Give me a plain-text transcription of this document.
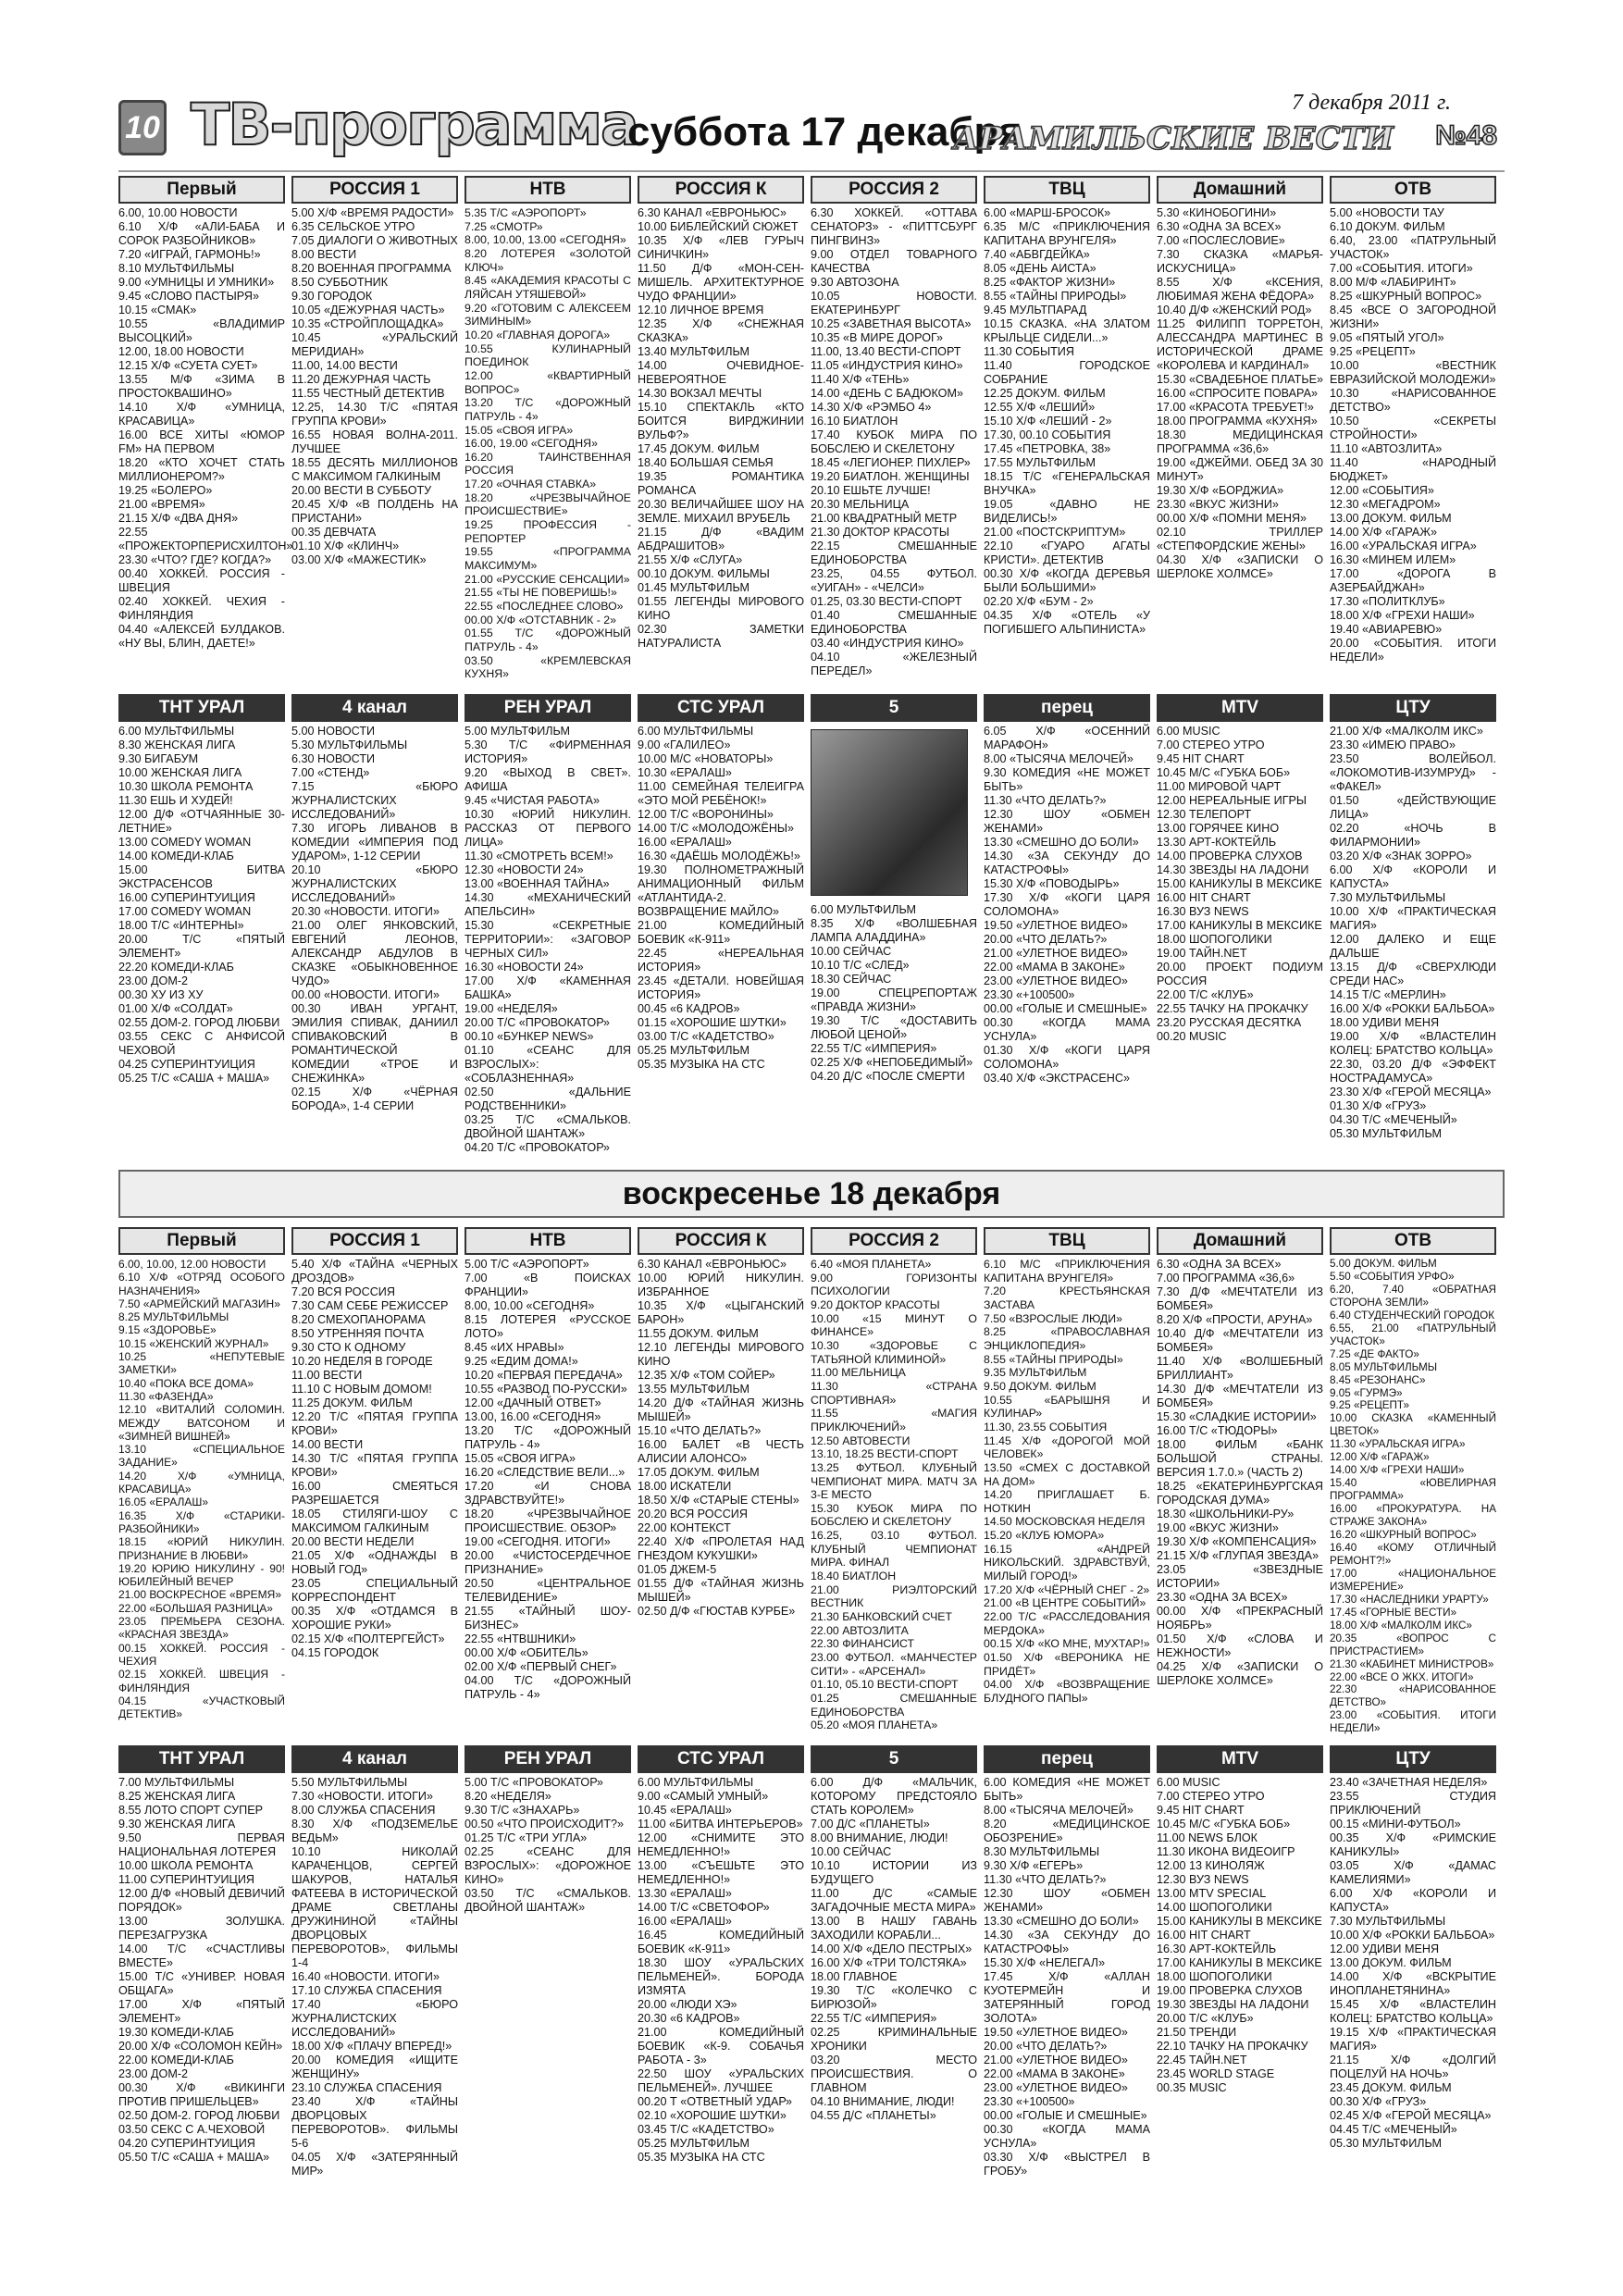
10 ТВ-программа
суббота 17 декабря
7 декабря 2011 г.
АРАМИЛЬСКИЕ ВЕСТИ №48
Первый
6.00, 10.00 НОВОСТИ
6.10 Х/Ф «АЛИ-БАБА И СОРОК РАЗБОЙНИКОВ»
7.20 «ИГРАЙ, ГАРМОНЬ!»
8.10 МУЛЬТФИЛЬМЫ
9.00 «УМНИЦЫ И УМНИКИ»
9.45 «СЛОВО ПАСТЫРЯ»
10.15 «СМАК»
10.55 «ВЛАДИМИР ВЫСОЦКИЙ»
12.00, 18.00 НОВОСТИ
12.15 Х/Ф «СУЕТА СУЕТ»
13.55 М/Ф «ЗИМА В ПРОСТОКВАШИНО»
14.10 Х/Ф «УМНИЦА, КРАСАВИЦА»
16.00 ВСЕ ХИТЫ «ЮМОР FM» НА ПЕРВОМ
18.20 «КТО ХОЧЕТ СТАТЬ МИЛЛИОНЕРОМ?»
19.25 «БОЛЕРО»
21.00 «ВРЕМЯ»
21.15 Х/Ф «ДВА ДНЯ»
22.55 «ПРОЖЕКТОРПЕРИСХИЛТОН»
23.30 «ЧТО? ГДЕ? КОГДА?»
00.40 ХОККЕЙ. РОССИЯ - ШВЕЦИЯ
02.40 ХОККЕЙ. ЧЕХИЯ - ФИНЛЯНДИЯ
04.40 «АЛЕКСЕЙ БУЛДАКОВ. «НУ ВЫ, БЛИН, ДАЕТЕ!»
РОССИЯ 1
5.00 Х/Ф «ВРЕМЯ РАДОСТИ»
6.35 СЕЛЬСКОЕ УТРО
7.05 ДИАЛОГИ О ЖИВОТНЫХ
8.00 ВЕСТИ
8.20 ВОЕННАЯ ПРОГРАММА
8.50 СУББОТНИК
9.30 ГОРОДОК
10.05 «ДЕЖУРНАЯ ЧАСТЬ»
10.35 «СТРОЙПЛОЩАДКА»
10.45 «УРАЛЬСКИЙ МЕРИДИАН»
11.00, 14.00 ВЕСТИ
11.20 ДЕЖУРНАЯ ЧАСТЬ
11.55 ЧЕСТНЫЙ ДЕТЕКТИВ
12.25, 14.30 Т/С «ПЯТАЯ ГРУППА КРОВИ»
16.55 НОВАЯ ВОЛНА-2011. ЛУЧШЕЕ
18.55 ДЕСЯТЬ МИЛЛИОНОВ С МАКСИМОМ ГАЛКИНЫМ
20.00 ВЕСТИ В СУББОТУ
20.45 Х/Ф «В ПОЛДЕНЬ НА ПРИСТАНИ»
00.35 ДЕВЧАТА
01.10 Х/Ф «КЛИНЧ»
03.00 Х/Ф «МАЖЕСТИК»
НТВ
5.35 Т/С «АЭРОПОРТ»
7.25 «СМОТР»
8.00, 10.00, 13.00 «СЕГОДНЯ»
8.20 ЛОТЕРЕЯ «ЗОЛОТОЙ КЛЮЧ»
8.45 «АКАДЕМИЯ КРАСОТЫ С ЛЯЙСАН УТЯШЕВОЙ»
9.20 «ГОТОВИМ С АЛЕКСЕЕМ ЗИМИНЫМ»
10.20 «ГЛАВНАЯ ДОРОГА»
10.55 КУЛИНАРНЫЙ ПОЕДИНОК
12.00 «КВАРТИРНЫЙ ВОПРОС»
13.20 Т/С «ДОРОЖНЫЙ ПАТРУЛЬ - 4»
15.05 «СВОЯ ИГРА»
16.00, 19.00 «СЕГОДНЯ»
16.20 ТАИНСТВЕННАЯ РОССИЯ
17.20 «ОЧНАЯ СТАВКА»
18.20 «ЧРЕЗВЫЧАЙНОЕ ПРОИСШЕСТВИЕ»
19.25 ПРОФЕССИЯ - РЕПОРТЕР
19.55 «ПРОГРАММА МАКСИМУМ»
21.00 «РУССКИЕ СЕНСАЦИИ»
21.55 «ТЫ НЕ ПОВЕРИШЬ!»
22.55 «ПОСЛЕДНЕЕ СЛОВО»
00.00 Х/Ф «ОТСТАВНИК - 2»
01.55 Т/С «ДОРОЖНЫЙ ПАТРУЛЬ - 4»
03.50 «КРЕМЛЕВСКАЯ КУХНЯ»
РОССИЯ К
6.30 КАНАЛ «ЕВРОНЬЮС»
10.00 БИБЛЕЙСКИЙ СЮЖЕТ
10.35 Х/Ф «ЛЕВ ГУРЫЧ СИНИЧКИН»
11.50 Д/Ф «МОН-СЕН-МИШЕЛЬ. АРХИТЕКТУРНОЕ ЧУДО ФРАНЦИИ»
12.10 ЛИЧНОЕ ВРЕМЯ
12.35 Х/Ф «СНЕЖНАЯ СКАЗКА»
13.40 МУЛЬТФИЛЬМ
14.00 ОЧЕВИДНОЕ-НЕВЕРОЯТНОЕ
14.30 ВОКЗАЛ МЕЧТЫ
15.10 СПЕКТАКЛЬ «КТО БОИТСЯ ВИРДЖИНИИ ВУЛЬФ?»
17.45 ДОКУМ. ФИЛЬМ
18.40 БОЛЬШАЯ СЕМЬЯ
19.35 РОМАНТИКА РОМАНСА
20.30 ВЕЛИЧАЙШЕЕ ШОУ НА ЗЕМЛЕ. МИХАИЛ ВРУБЕЛЬ
21.15 Д/Ф «ВАДИМ АБДРАШИТОВ»
21.55 Х/Ф «СЛУГА»
00.10 ДОКУМ. ФИЛЬМЫ
01.45 МУЛЬТФИЛЬМ
01.55 ЛЕГЕНДЫ МИРОВОГО КИНО
02.30 ЗАМЕТКИ НАТУРАЛИСТА
РОССИЯ 2
6.30 ХОККЕЙ. «ОТТАВА СЕНАТОРЗ» - «ПИТТСБУРГ ПИНГВИНЗ»
9.00 ОТДЕЛ ТОВАРНОГО КАЧЕСТВА
9.30 АВТОЗОНА
10.05 НОВОСТИ. ЕКАТЕРИНБУРГ
10.25 «ЗАВЕТНАЯ ВЫСОТА»
10.35 «В МИРЕ ДОРОГ»
11.00, 13.40 ВЕСТИ-СПОРТ
11.05 «ИНДУСТРИЯ КИНО»
11.40 Х/Ф «ТЕНЬ»
14.00 «ДЕНЬ С БАДЮКОМ»
14.30 Х/Ф «РЭМБО 4»
16.10 БИАТЛОН
17.40 КУБОК МИРА ПО БОБСЛЕЮ И СКЕЛЕТОНУ
18.45 «ЛЕГИОНЕР. ПИХЛЕР»
19.20 БИАТЛОН. ЖЕНЩИНЫ
20.10 ЕШЬТЕ ЛУЧШЕ!
20.30 МЕЛЬНИЦА
21.00 КВАДРАТНЫЙ МЕТР
21.30 ДОКТОР КРАСОТЫ
22.15 СМЕШАННЫЕ ЕДИНОБОРСТВА
23.25, 04.55 ФУТБОЛ. «УИГАН» - «ЧЕЛСИ»
01.25, 03.30 ВЕСТИ-СПОРТ
01.40 СМЕШАННЫЕ ЕДИНОБОРСТВА
03.40 «ИНДУСТРИЯ КИНО»
04.10 «ЖЕЛЕЗНЫЙ ПЕРЕДЕЛ»
ТВЦ
6.00 «МАРШ-БРОСОК»
6.35 М/С «ПРИКЛЮЧЕНИЯ КАПИТАНА ВРУНГЕЛЯ»
7.40 «АБВГДЕЙКА»
8.05 «ДЕНЬ АИСТА»
8.25 «ФАКТОР ЖИЗНИ»
8.55 «ТАЙНЫ ПРИРОДЫ»
9.45 МУЛЬТПАРАД
10.15 СКАЗКА. «НА ЗЛАТОМ КРЫЛЬЦЕ СИДЕЛИ...»
11.30 СОБЫТИЯ
11.40 ГОРОДСКОЕ СОБРАНИЕ
12.25 ДОКУМ. ФИЛЬМ
12.55 Х/Ф «ЛЕШИЙ»
15.10 Х/Ф «ЛЕШИЙ - 2»
17.30, 00.10 СОБЫТИЯ
17.45 «ПЕТРОВКА, 38»
17.55 МУЛЬТФИЛЬМ
18.15 Т/С «ГЕНЕРАЛЬСКАЯ ВНУЧКА»
19.05 «ДАВНО НЕ ВИДЕЛИСЬ!»
21.00 «ПОСТСКРИПТУМ»
22.10 «ГУАРО АГАТЫ КРИСТИ». ДЕТЕКТИВ
00.30 Х/Ф «КОГДА ДЕРЕВЬЯ БЫЛИ БОЛЬШИМИ»
02.20 Х/Ф «БУМ - 2»
04.35 Х/Ф «ОТЕЛЬ «У ПОГИБШЕГО АЛЬПИНИСТА»
Домашний
5.30 «КИНОБОГИНИ»
6.30 «ОДНА ЗА ВСЕХ»
7.00 «ПОСЛЕСЛОВИЕ»
7.30 СКАЗКА «МАРЬЯ-ИСКУСНИЦА»
8.55 Х/Ф «КСЕНИЯ, ЛЮБИМАЯ ЖЕНА ФЁДОРА»
10.40 Д/Ф «ЖЕНСКИЙ РОД»
11.25 ФИЛИПП ТОРРЕТОН, АЛЕССАНДРА МАРТИНЕС В ИСТОРИЧЕСКОЙ ДРАМЕ «КОРОЛЕВА И КАРДИНАЛ»
15.30 «СВАДЕБНОЕ ПЛАТЬЕ»
16.00 «СПРОСИТЕ ПОВАРА»
17.00 «КРАСОТА ТРЕБУЕТ!»
18.00 ПРОГРАММА «КУХНЯ»
18.30 МЕДИЦИНСКАЯ ПРОГРАММА «36,6»
19.00 «ДЖЕЙМИ. ОБЕД ЗА 30 МИНУТ»
19.30 Х/Ф «БОРДЖИА»
23.30 «ВКУС ЖИЗНИ»
00.00 Х/Ф «ПОМНИ МЕНЯ»
02.10 ТРИЛЛЕР «СТЕПФОРДСКИЕ ЖЕНЫ»
04.30 Х/Ф «ЗАПИСКИ О ШЕРЛОКЕ ХОЛМСЕ»
ОТВ
5.00 «НОВОСТИ ТАУ
6.10 ДОКУМ. ФИЛЬМ
6.40, 23.00 «ПАТРУЛЬНЫЙ УЧАСТОК»
7.00 «СОБЫТИЯ. ИТОГИ»
8.00 М/Ф «ЛАБИРИНТ»
8.25 «ШКУРНЫЙ ВОПРОС»
8.45 «ВСЕ О ЗАГОРОДНОЙ ЖИЗНИ»
9.05 «ПЯТЫЙ УГОЛ»
9.25 «РЕЦЕПТ»
10.00 «ВЕСТНИК ЕВРАЗИЙСКОЙ МОЛОДЕЖИ»
10.30 «НАРИСОВАННОЕ ДЕТСТВО»
10.50 «СЕКРЕТЫ СТРОЙНОСТИ»
11.10 «АВТОЗЛИТА»
11.40 «НАРОДНЫЙ БЮДЖЕТ»
12.00 «СОБЫТИЯ»
12.30 «МЕГАДРОМ»
13.00 ДОКУМ. ФИЛЬМ
14.00 Х/Ф «ГАРАЖ»
16.00 «УРАЛЬСКАЯ ИГРА»
16.30 «МИНЕМ ИЛЕМ»
17.00 «ДОРОГА В АЗЕРБАЙДЖАН»
17.30 «ПОЛИТКЛУБ»
18.00 Х/Ф «ГРЕХИ НАШИ»
19.40 «АВИАРЕВЮ»
20.00 «СОБЫТИЯ. ИТОГИ НЕДЕЛИ»
ТНТ УРАЛ
6.00 МУЛЬТФИЛЬМЫ
8.30 ЖЕНСКАЯ ЛИГА
9.30 БИГАБУМ
10.00 ЖЕНСКАЯ ЛИГА
10.30 ШКОЛА РЕМОНТА
11.30 ЕШЬ И ХУДЕЙ!
12.00 Д/Ф «ОТЧАЯННЫЕ 30-ЛЕТНИЕ»
13.00 COMEDY WOMAN
14.00 КОМЕДИ-КЛАБ
15.00 БИТВА ЭКСТРАСЕНСОВ
16.00 СУПЕРИНТУИЦИЯ
17.00 COMEDY WOMAN
18.00 Т/С «ИНТЕРНЫ»
20.00 Т/С «ПЯТЫЙ ЭЛЕМЕНТ»
22.20 КОМЕДИ-КЛАБ
23.00 ДОМ-2
00.30 ХУ ИЗ ХУ
01.00 Х/Ф «СОЛДАТ»
02.55 ДОМ-2. ГОРОД ЛЮБВИ
03.55 СЕКС С АНФИСОЙ ЧЕХОВОЙ
04.25 СУПЕРИНТУИЦИЯ
05.25 Т/С «САША + МАША»
4 канал
5.00 НОВОСТИ
5.30 МУЛЬТФИЛЬМЫ
6.30 НОВОСТИ
7.00 «СТЕНД»
7.15 «БЮРО ЖУРНАЛИСТСКИХ ИССЛЕДОВАНИЙ»
7.30 ИГОРЬ ЛИВАНОВ В КОМЕДИИ «ИМПЕРИЯ ПОД УДАРОМ», 1-12 СЕРИИ
20.10 «БЮРО ЖУРНАЛИСТСКИХ ИССЛЕДОВАНИЙ»
20.30 «НОВОСТИ. ИТОГИ»
21.00 ОЛЕГ ЯНКОВСКИЙ, ЕВГЕНИЙ ЛЕОНОВ, АЛЕКСАНДР АБДУЛОВ В СКАЗКЕ «ОБЫКНОВЕННОЕ ЧУДО»
00.00 «НОВОСТИ. ИТОГИ»
00.30 ИВАН УРГАНТ, ЭМИЛИЯ СПИВАК, ДАНИИЛ СПИВАКОВСКИЙ В РОМАНТИЧЕСКОЙ КОМЕДИИ «ТРОЕ И СНЕЖИНКА»
02.15 Х/Ф «ЧЁРНАЯ БОРОДА», 1-4 СЕРИИ
РЕН УРАЛ
5.00 МУЛЬТФИЛЬМ
5.30 Т/С «ФИРМЕННАЯ ИСТОРИЯ»
9.20 «ВЫХОД В СВЕТ». АФИША
9.45 «ЧИСТАЯ РАБОТА»
10.30 «ЮРИЙ НИКУЛИН. РАССКАЗ ОТ ПЕРВОГО ЛИЦА»
11.30 «СМОТРЕТЬ ВСЕМ!»
12.30 «НОВОСТИ 24»
13.00 «ВОЕННАЯ ТАЙНА»
14.30 «МЕХАНИЧЕСКИЙ АПЕЛЬСИН»
15.30 «СЕКРЕТНЫЕ ТЕРРИТОРИИ»: «ЗАГОВОР ЧЕРНЫХ СИЛ»
16.30 «НОВОСТИ 24»
17.00 Х/Ф «КАМЕННАЯ БАШКА»
19.00 «НЕДЕЛЯ»
20.00 Т/С «ПРОВОКАТОР»
00.10 «БУНКЕР NEWS»
01.10 «СЕАНС ДЛЯ ВЗРОСЛЫХ»: «СОБЛАЗНЕННАЯ»
02.50 «ДАЛЬНИЕ РОДСТВЕННИКИ»
03.25 Т/С «СМАЛЬКОВ. ДВОЙНОЙ ШАНТАЖ»
04.20 Т/С «ПРОВОКАТОР»
СТС УРАЛ
6.00 МУЛЬТФИЛЬМЫ
9.00 «ГАЛИЛЕО»
10.00 М/С «НОВАТОРЫ»
10.30 «ЕРАЛАШ»
11.00 СЕМЕЙНАЯ ТЕЛЕИГРА «ЭТО МОЙ РЕБЁНОК!»
12.00 Т/С «ВОРОНИНЫ»
14.00 Т/С «МОЛОДОЖЁНЫ»
16.00 «ЕРАЛАШ»
16.30 «ДАЁШЬ МОЛОДЁЖЬ!»
19.30 ПОЛНОМЕТРАЖНЫЙ АНИМАЦИОННЫЙ ФИЛЬМ «АТЛАНТИДА-2. ВОЗВРАЩЕНИЕ МАЙЛО»
21.00 КОМЕДИЙНЫЙ БОЕВИК «К-911»
22.45 «НЕРЕАЛЬНАЯ ИСТОРИЯ»
23.45 «ДЕТАЛИ. НОВЕЙШАЯ ИСТОРИЯ»
00.45 «6 КАДРОВ»
01.15 «ХОРОШИЕ ШУТКИ»
03.00 Т/С «КАДЕТСТВО»
05.25 МУЛЬТФИЛЬМ
05.35 МУЗЫКА НА СТС
5
6.00 МУЛЬТФИЛЬМ
8.35 Х/Ф «ВОЛШЕБНАЯ ЛАМПА АЛАДДИНА»
10.00 СЕЙЧАС
10.10 Т/С «СЛЕД»
18.30 СЕЙЧАС
19.00 СПЕЦРЕПОРТАЖ «ПРАВДА ЖИЗНИ»
19.30 Т/С «ДОСТАВИТЬ ЛЮБОЙ ЦЕНОЙ»
22.55 Т/С «ИМПЕРИЯ»
02.25 Х/Ф «НЕПОБЕДИМЫЙ»
04.20 Д/С «ПОСЛЕ СМЕРТИ
перец
6.05 Х/Ф «ОСЕННИЙ МАРАФОН»
8.00 «ТЫСЯЧА МЕЛОЧЕЙ»
9.30 КОМЕДИЯ «НЕ МОЖЕТ БЫТЬ»
11.30 «ЧТО ДЕЛАТЬ?»
12.30 ШОУ «ОБМЕН ЖЕНАМИ»
13.30 «СМЕШНО ДО БОЛИ»
14.30 «ЗА СЕКУНДУ ДО КАТАСТРОФЫ»
15.30 Х/Ф «ПОВОДЫРЬ»
17.30 Х/Ф «КОГИ ЦАРЯ СОЛОМОНА»
19.50 «УЛЕТНОЕ ВИДЕО»
20.00 «ЧТО ДЕЛАТЬ?»
21.00 «УЛЕТНОЕ ВИДЕО»
22.00 «МАМА В ЗАКОНЕ»
23.00 «УЛЕТНОЕ ВИДЕО»
23.30 «+100500»
00.00 «ГОЛЫЕ И СМЕШНЫЕ»
00.30 «КОГДА МАМА УСНУЛА»
01.30 Х/Ф «КОГИ ЦАРЯ СОЛОМОНА»
03.40 Х/Ф «ЭКСТРАСЕНС»
MTV
6.00 MUSIC
7.00 СТЕРЕО УТРО
9.45 HIT CHART
10.45 М/С «ГУБКА БОБ»
11.00 МИРОВОЙ ЧАРТ
12.00 НЕРЕАЛЬНЫЕ ИГРЫ
12.30 ТЕЛЕПОРТ
13.00 ГОРЯЧЕЕ КИНО
13.30 АРТ-КОКТЕЙЛЬ
14.00 ПРОВЕРКА СЛУХОВ
14.30 ЗВЕЗДЫ НА ЛАДОНИ
15.00 КАНИКУЛЫ В МЕКСИКЕ
16.00 HIT CHART
16.30 ВУЗ NEWS
17.00 КАНИКУЛЫ В МЕКСИКЕ
18.00 ШОПОГОЛИКИ
19.00 ТАЙН.NET
20.00 ПРОЕКТ ПОДИУМ РОССИЯ
22.00 Т/С «КЛУБ»
22.55 ТАЧКУ НА ПРОКАЧКУ
23.20 РУССКАЯ ДЕСЯТКА
00.20 MUSIC
ЦТУ
21.00 Х/Ф «МАЛКОЛМ ИКС»
23.30 «ИМЕЮ ПРАВО»
23.50 ВОЛЕЙБОЛ. «ЛОКОМОТИВ-ИЗУМРУД» - «ФАКЕЛ»
01.50 «ДЕЙСТВУЮЩИЕ ЛИЦА»
02.20 «НОЧЬ В ФИЛАРМОНИИ»
03.20 Х/Ф «ЗНАК ЗОРРО»
6.00 Х/Ф «КОРОЛИ И КАПУСТА»
7.30 МУЛЬТФИЛЬМЫ
10.00 Х/Ф «ПРАКТИЧЕСКАЯ МАГИЯ»
12.00 ДАЛЕКО И ЕЩЕ ДАЛЬШЕ
13.15 Д/Ф «СВЕРХЛЮДИ СРЕДИ НАС»
14.15 Т/С «МЕРЛИН»
16.00 Х/Ф «РОККИ БАЛЬБОА»
18.00 УДИВИ МЕНЯ
19.00 Х/Ф «ВЛАСТЕЛИН КОЛЕЦ: БРАТСТВО КОЛЬЦА»
22.30, 03.20 Д/Ф «ЭФФЕКТ НОСТРАДАМУСА»
23.30 Х/Ф «ГЕРОЙ МЕСЯЦА»
01.30 Х/Ф «ГРУЗ»
04.30 Т/С «МЕЧЕНЫЙ»
05.30 МУЛЬТФИЛЬМ
воскресенье 18 декабря
Первый
6.00, 10.00, 12.00 НОВОСТИ
6.10 Х/Ф «ОТРЯД ОСОБОГО НАЗНАЧЕНИЯ»
7.50 «АРМЕЙСКИЙ МАГАЗИН»
8.25 МУЛЬТФИЛЬМЫ
9.15 «ЗДОРОВЬЕ»
10.15 «ЖЕНСКИЙ ЖУРНАЛ»
10.25 «НЕПУТЕВЫЕ ЗАМЕТКИ»
10.40 «ПОКА ВСЕ ДОМА»
11.30 «ФАЗЕНДА»
12.10 «ВИТАЛИЙ СОЛОМИН. МЕЖДУ ВАТСОНОМ И «ЗИМНЕЙ ВИШНЕЙ»
13.10 «СПЕЦИАЛЬНОЕ ЗАДАНИЕ»
14.20 Х/Ф «УМНИЦА, КРАСАВИЦА»
16.05 «ЕРАЛАШ»
16.35 Х/Ф «СТАРИКИ-РАЗБОЙНИКИ»
18.15 «ЮРИЙ НИКУЛИН. ПРИЗНАНИЕ В ЛЮБВИ»
19.20 ЮРИЮ НИКУЛИНУ - 90! ЮБИЛЕЙНЫЙ ВЕЧЕР
21.00 ВОСКРЕСНОЕ «ВРЕМЯ»
22.00 «БОЛЬШАЯ РАЗНИЦА»
23.05 ПРЕМЬЕРА СЕЗОНА. «КРАСНАЯ ЗВЕЗДА»
00.15 ХОККЕЙ. РОССИЯ - ЧЕХИЯ
02.15 ХОККЕЙ. ШВЕЦИЯ - ФИНЛЯНДИЯ
04.15 «УЧАСТКОВЫЙ ДЕТЕКТИВ»
РОССИЯ 1
5.40 Х/Ф «ТАЙНА «ЧЕРНЫХ ДРОЗДОВ»
7.20 ВСЯ РОССИЯ
7.30 САМ СЕБЕ РЕЖИССЕР
8.20 СМЕХОПАНОРАМА
8.50 УТРЕННЯЯ ПОЧТА
9.30 СТО К ОДНОМУ
10.20 НЕДЕЛЯ В ГОРОДЕ
11.00 ВЕСТИ
11.10 С НОВЫМ ДОМОМ!
11.25 ДОКУМ. ФИЛЬМ
12.20 Т/С «ПЯТАЯ ГРУППА КРОВИ»
14.00 ВЕСТИ
14.30 Т/С «ПЯТАЯ ГРУППА КРОВИ»
16.00 СМЕЯТЬСЯ РАЗРЕШАЕТСЯ
18.05 СТИЛЯГИ-ШОУ С МАКСИМОМ ГАЛКИНЫМ
20.00 ВЕСТИ НЕДЕЛИ
21.05 Х/Ф «ОДНАЖДЫ В НОВЫЙ ГОД»
23.05 СПЕЦИАЛЬНЫЙ КОРРЕСПОНДЕНТ
00.35 Х/Ф «ОТДАМСЯ В ХОРОШИЕ РУКИ»
02.15 Х/Ф «ПОЛТЕРГЕЙСТ»
04.15 ГОРОДОК
НТВ
5.00 Т/С «АЭРОПОРТ»
7.00 «В ПОИСКАХ ФРАНЦИИ»
8.00, 10.00 «СЕГОДНЯ»
8.15 ЛОТЕРЕЯ «РУССКОЕ ЛОТО»
8.45 «ИХ НРАВЫ»
9.25 «ЕДИМ ДОМА!»
10.20 «ПЕРВАЯ ПЕРЕДАЧА»
10.55 «РАЗВОД ПО-РУССКИ»
12.00 «ДАЧНЫЙ ОТВЕТ»
13.00, 16.00 «СЕГОДНЯ»
13.20 Т/С «ДОРОЖНЫЙ ПАТРУЛЬ - 4»
15.05 «СВОЯ ИГРА»
16.20 «СЛЕДСТВИЕ ВЕЛИ...»
17.20 «И СНОВА ЗДРАВСТВУЙТЕ!»
18.20 «ЧРЕЗВЫЧАЙНОЕ ПРОИСШЕСТВИЕ. ОБЗОР»
19.00 «СЕГОДНЯ. ИТОГИ»
20.00 «ЧИСТОСЕРДЕЧНОЕ ПРИЗНАНИЕ»
20.50 «ЦЕНТРАЛЬНОЕ ТЕЛЕВИДЕНИЕ»
21.55 «ТАЙНЫЙ ШОУ-БИЗНЕС»
22.55 «НТВШНИКИ»
00.00 Х/Ф «ОБИТЕЛЬ»
02.00 Х/Ф «ПЕРВЫЙ СНЕГ»
04.00 Т/С «ДОРОЖНЫЙ ПАТРУЛЬ - 4»
РОССИЯ К
6.30 КАНАЛ «ЕВРОНЬЮС»
10.00 ЮРИЙ НИКУЛИН. ИЗБРАННОЕ
10.35 Х/Ф «ЦЫГАНСКИЙ БАРОН»
11.55 ДОКУМ. ФИЛЬМ
12.10 ЛЕГЕНДЫ МИРОВОГО КИНО
12.35 Х/Ф «ТОМ СОЙЕР»
13.55 МУЛЬТФИЛЬМ
14.20 Д/Ф «ТАЙНАЯ ЖИЗНЬ МЫШЕЙ»
15.10 «ЧТО ДЕЛАТЬ?»
16.00 БАЛЕТ «В ЧЕСТЬ АЛИСИИ АЛОНСО»
17.05 ДОКУМ. ФИЛЬМ
18.00 ИСКАТЕЛИ
18.50 Х/Ф «СТАРЫЕ СТЕНЫ»
20.20 ВСЯ РОССИЯ
22.00 КОНТЕКСТ
22.40 Х/Ф «ПРОЛЕТАЯ НАД ГНЕЗДОМ КУКУШКИ»
01.05 ДЖЕМ-5
01.55 Д/Ф «ТАЙНАЯ ЖИЗНЬ МЫШЕЙ»
02.50 Д/Ф «ГЮСТАВ КУРБЕ»
РОССИЯ 2
6.40 «МОЯ ПЛАНЕТА»
9.00 ГОРИЗОНТЫ ПСИХОЛОГИИ
9.20 ДОКТОР КРАСОТЫ
10.00 «15 МИНУТ О ФИНАНСЕ»
10.30 «ЗДОРОВЬЕ С ТАТЬЯНОЙ КЛИМИНОЙ»
11.00 МЕЛЬНИЦА
11.30 «СТРАНА СПОРТИВНАЯ»
11.55 «МАГИЯ ПРИКЛЮЧЕНИЙ»
12.50 АВТОВЕСТИ
13.10, 18.25 ВЕСТИ-СПОРТ
13.25 ФУТБОЛ. КЛУБНЫЙ ЧЕМПИОНАТ МИРА. МАТЧ ЗА 3-Е МЕСТО
15.30 КУБОК МИРА ПО БОБСЛЕЮ И СКЕЛЕТОНУ
16.25, 03.10 ФУТБОЛ. КЛУБНЫЙ ЧЕМПИОНАТ МИРА. ФИНАЛ
18.40 БИАТЛОН
21.00 РИЭЛТОРСКИЙ ВЕСТНИК
21.30 БАНКОВСКИЙ СЧЕТ
22.00 АВТОЗЛИТА
22.30 ФИНАНСИСТ
23.00 ФУТБОЛ. «МАНЧЕСТЕР СИТИ» - «АРСЕНАЛ»
01.10, 05.10 ВЕСТИ-СПОРТ
01.25 СМЕШАННЫЕ ЕДИНОБОРСТВА
05.20 «МОЯ ПЛАНЕТА»
ТВЦ
6.10 М/С «ПРИКЛЮЧЕНИЯ КАПИТАНА ВРУНГЕЛЯ»
7.20 КРЕСТЬЯНСКАЯ ЗАСТАВА
7.50 «ВЗРОСЛЫЕ ЛЮДИ»
8.25 «ПРАВОСЛАВНАЯ ЭНЦИКЛОПЕДИЯ»
8.55 «ТАЙНЫ ПРИРОДЫ»
9.35 МУЛЬТФИЛЬМ
9.50 ДОКУМ. ФИЛЬМ
10.55 «БАРЫШНЯ И КУЛИНАР»
11.30, 23.55 СОБЫТИЯ
11.45 Х/Ф «ДОРОГОЙ МОЙ ЧЕЛОВЕК»
13.50 «СМЕХ С ДОСТАВКОЙ НА ДОМ»
14.20 ПРИГЛАШАЕТ Б. НОТКИН
14.50 МОСКОВСКАЯ НЕДЕЛЯ
15.20 «КЛУБ ЮМОРА»
16.15 «АНДРЕЙ НИКОЛЬСКИЙ. ЗДРАВСТВУЙ, МИЛЫЙ ГОРОД!»
17.20 Х/Ф «ЧЁРНЫЙ СНЕГ - 2»
21.00 «В ЦЕНТРЕ СОБЫТИЙ»
22.00 Т/С «РАССЛЕДОВАНИЯ МЕРДОКА»
00.15 Х/Ф «КО МНЕ, МУХТАР!»
01.50 Х/Ф «ВЕРОНИКА НЕ ПРИДЁТ»
04.00 Х/Ф «ВОЗВРАЩЕНИЕ БЛУДНОГО ПАПЫ»
Домашний
6.30 «ОДНА ЗА ВСЕХ»
7.00 ПРОГРАММА «36,6»
7.30 Д/Ф «МЕЧТАТЕЛИ ИЗ БОМБЕЯ»
8.20 Х/Ф «ПРОСТИ, АРУНА»
10.40 Д/Ф «МЕЧТАТЕЛИ ИЗ БОМБЕЯ»
11.40 Х/Ф «ВОЛШЕБНЫЙ БРИЛЛИАНТ»
14.30 Д/Ф «МЕЧТАТЕЛИ ИЗ БОМБЕЯ»
15.30 «СЛАДКИЕ ИСТОРИИ»
16.00 Т/С «ТЮДОРЫ»
18.00 ФИЛЬМ «БАНК БОЛЬШОЙ СТРАНЫ. ВЕРСИЯ 1.7.0.» (ЧАСТЬ 2)
18.25 «ЕКАТЕРИНБУРГСКАЯ ГОРОДСКАЯ ДУМА»
18.30 «ШКОЛЬНИКИ-РУ»
19.00 «ВКУС ЖИЗНИ»
19.30 Х/Ф «КОМПЕНСАЦИЯ»
21.15 Х/Ф «ГЛУПАЯ ЗВЕЗДА»
23.05 «ЗВЕЗДНЫЕ ИСТОРИИ»
23.30 «ОДНА ЗА ВСЕХ»
00.00 Х/Ф «ПРЕКРАСНЫЙ НОЯБРЬ»
01.50 Х/Ф «СЛОВА И НЕЖНОСТИ»
04.25 Х/Ф «ЗАПИСКИ О ШЕРЛОКЕ ХОЛМСЕ»
ОТВ
5.00 ДОКУМ. ФИЛЬМ
5.50 «СОБЫТИЯ УРФО»
6.20, 7.40 «ОБРАТНАЯ СТОРОНА ЗЕМЛИ»
6.40 СТУДЕНЧЕСКИЙ ГОРОДОК
6.55, 21.00 «ПАТРУЛЬНЫЙ УЧАСТОК»
7.25 «ДЕ ФАКТО»
8.05 МУЛЬТФИЛЬМЫ
8.45 «РЕЗОНАНС»
9.05 «ГУРМЭ»
9.25 «РЕЦЕПТ»
10.00 СКАЗКА «КАМЕННЫЙ ЦВЕТОК»
11.30 «УРАЛЬСКАЯ ИГРА»
12.00 Х/Ф «ГАРАЖ»
14.00 Х/Ф «ГРЕХИ НАШИ»
15.40 «ЮВЕЛИРНАЯ ПРОГРАММА»
16.00 «ПРОКУРАТУРА. НА СТРАЖЕ ЗАКОНА»
16.20 «ШКУРНЫЙ ВОПРОС»
16.40 «КОМУ ОТЛИЧНЫЙ РЕМОНТ?!»
17.00 «НАЦИОНАЛЬНОЕ ИЗМЕРЕНИЕ»
17.30 «НАСЛЕДНИКИ УРАРТУ»
17.45 «ГОРНЫЕ ВЕСТИ»
18.00 Х/Ф «МАЛКОЛМ ИКС»
20.35 «ВОПРОС С ПРИСТРАСТИЕМ»
21.30 «КАБИНЕТ МИНИСТРОВ»
22.00 «ВСЕ О ЖКХ. ИТОГИ»
22.30 «НАРИСОВАННОЕ ДЕТСТВО»
23.00 «СОБЫТИЯ. ИТОГИ НЕДЕЛИ»
ТНТ УРАЛ
7.00 МУЛЬТФИЛЬМЫ
8.25 ЖЕНСКАЯ ЛИГА
8.55 ЛОТО СПОРТ СУПЕР
9.30 ЖЕНСКАЯ ЛИГА
9.50 ПЕРВАЯ НАЦИОНАЛЬНАЯ ЛОТЕРЕЯ
10.00 ШКОЛА РЕМОНТА
11.00 СУПЕРИНТУИЦИЯ
12.00 Д/Ф «НОВЫЙ ДЕВИЧИЙ ПОРЯДОК»
13.00 ЗОЛУШКА. ПЕРЕЗАГРУЗКА
14.00 Т/С «СЧАСТЛИВЫ ВМЕСТЕ»
15.00 Т/С «УНИВЕР. НОВАЯ ОБЩАГА»
17.00 Х/Ф «ПЯТЫЙ ЭЛЕМЕНТ»
19.30 КОМЕДИ-КЛАБ
20.00 Х/Ф «СОЛОМОН КЕЙН»
22.00 КОМЕДИ-КЛАБ
23.00 ДОМ-2
00.30 Х/Ф «ВИКИНГИ ПРОТИВ ПРИШЕЛЬЦЕВ»
02.50 ДОМ-2. ГОРОД ЛЮБВИ
03.50 СЕКС С А.ЧЕХОВОЙ
04.20 СУПЕРИНТУИЦИЯ
05.50 Т/С «САША + МАША»
4 канал
5.50 МУЛЬТФИЛЬМЫ
7.30 «НОВОСТИ. ИТОГИ»
8.00 СЛУЖБА СПАСЕНИЯ
8.30 Х/Ф «ПОДЗЕМЕЛЬЕ ВЕДЬМ»
10.10 НИКОЛАЙ КАРАЧЕНЦОВ, СЕРГЕЙ ШАКУРОВ, НАТАЛЬЯ ФАТЕЕВА В ИСТОРИЧЕСКОЙ ДРАМЕ СВЕТЛАНЫ ДРУЖИНИНОЙ «ТАЙНЫ ДВОРЦОВЫХ ПЕРЕВОРОТОВ», ФИЛЬМЫ 1-4
16.40 «НОВОСТИ. ИТОГИ»
17.10 СЛУЖБА СПАСЕНИЯ
17.40 «БЮРО ЖУРНАЛИСТСКИХ ИССЛЕДОВАНИЙ»
18.00 Х/Ф «ПЛАЧУ ВПЕРЕД!»
20.00 КОМЕДИЯ «ИЩИТЕ ЖЕНЩИНУ»
23.10 СЛУЖБА СПАСЕНИЯ
23.40 Х/Ф «ТАЙНЫ ДВОРЦОВЫХ ПЕРЕВОРОТОВ». ФИЛЬМЫ 5-6
04.05 Х/Ф «ЗАТЕРЯННЫЙ МИР»
РЕН УРАЛ
5.00 Т/С «ПРОВОКАТОР»
8.20 «НЕДЕЛЯ»
9.30 Т/С «ЗНАХАРЬ»
00.50 «ЧТО ПРОИСХОДИТ?»
01.25 Т/С «ТРИ УГЛА»
02.25 «СЕАНС ДЛЯ ВЗРОСЛЫХ»: «ДОРОЖНОЕ КИНО»
03.50 Т/С «СМАЛЬКОВ. ДВОЙНОЙ ШАНТАЖ»
СТС УРАЛ
6.00 МУЛЬТФИЛЬМЫ
9.00 «САМЫЙ УМНЫЙ»
10.45 «ЕРАЛАШ»
11.00 «БИТВА ИНТЕРЬЕРОВ»
12.00 «СНИМИТЕ ЭТО НЕМЕДЛЕННО!»
13.00 «СЪЕШЬТЕ ЭТО НЕМЕДЛЕННО!»
13.30 «ЕРАЛАШ»
14.00 Т/С «СВЕТОФОР»
16.00 «ЕРАЛАШ»
16.45 КОМЕДИЙНЫЙ БОЕВИК «К-911»
18.30 ШОУ «УРАЛЬСКИХ ПЕЛЬМЕНЕЙ». БОРОДА ИЗМЯТА
20.00 «ЛЮДИ ХЭ»
20.30 «6 КАДРОВ»
21.00 КОМЕДИЙНЫЙ БОЕВИК «К-9. СОБАЧЬЯ РАБОТА - 3»
22.50 ШОУ «УРАЛЬСКИХ ПЕЛЬМЕНЕЙ». ЛУЧШЕЕ
00.20 Т «ОТВЕТНЫЙ УДАР»
02.10 «ХОРОШИЕ ШУТКИ»
03.45 Т/С «КАДЕТСТВО»
05.25 МУЛЬТФИЛЬМ
05.35 МУЗЫКА НА СТС
5
6.00 Д/Ф «МАЛЬЧИК, КОТОРОМУ ПРЕДСТОЯЛО СТАТЬ КОРОЛЕМ»
7.00 Д/С «ПЛАНЕТЫ»
8.00 ВНИМАНИЕ, ЛЮДИ!
10.00 СЕЙЧАС
10.10 ИСТОРИИ ИЗ БУДУЩЕГО
11.00 Д/С «САМЫЕ ЗАГАДОЧНЫЕ МЕСТА МИРА»
13.00 В НАШУ ГАВАНЬ ЗАХОДИЛИ КОРАБЛИ...
14.00 Х/Ф «ДЕЛО ПЕСТРЫХ»
16.00 Х/Ф «ТРИ ТОЛСТЯКА»
18.00 ГЛАВНОЕ
19.30 Т/С «КОЛЕЧКО С БИРЮЗОЙ»
22.55 Т/С «ИМПЕРИЯ»
02.25 КРИМИНАЛЬНЫЕ ХРОНИКИ
03.20 МЕСТО ПРОИСШЕСТВИЯ. О ГЛАВНОМ
04.10 ВНИМАНИЕ, ЛЮДИ!
04.55 Д/С «ПЛАНЕТЫ»
перец
6.00 КОМЕДИЯ «НЕ МОЖЕТ БЫТЬ»
8.00 «ТЫСЯЧА МЕЛОЧЕЙ»
8.20 «МЕДИЦИНСКОЕ ОБОЗРЕНИЕ»
8.30 МУЛЬТФИЛЬМЫ
9.30 Х/Ф «ЕГЕРЬ»
11.30 «ЧТО ДЕЛАТЬ?»
12.30 ШОУ «ОБМЕН ЖЕНАМИ»
13.30 «СМЕШНО ДО БОЛИ»
14.30 «ЗА СЕКУНДУ ДО КАТАСТРОФЫ»
15.30 Х/Ф «НЕЛЕГАЛ»
17.45 Х/Ф «АЛЛАН КУОТЕРМЕЙН И ЗАТЕРЯННЫЙ ГОРОД ЗОЛОТА»
19.50 «УЛЕТНОЕ ВИДЕО»
20.00 «ЧТО ДЕЛАТЬ?»
21.00 «УЛЕТНОЕ ВИДЕО»
22.00 «МАМА В ЗАКОНЕ»
23.00 «УЛЕТНОЕ ВИДЕО»
23.30 «+100500»
00.00 «ГОЛЫЕ И СМЕШНЫЕ»
00.30 «КОГДА МАМА УСНУЛА»
03.30 Х/Ф «ВЫСТРЕЛ В ГРОБУ»
MTV
6.00 MUSIC
7.00 СТЕРЕО УТРО
9.45 HIT CHART
10.45 М/С «ГУБКА БОБ»
11.00 NEWS БЛОК
11.30 ИКОНА ВИДЕОИГР
12.00 13 КИНОЛЯЖ
12.30 ВУЗ NEWS
13.00 MTV SPECIAL
14.00 ШОПОГОЛИКИ
15.00 КАНИКУЛЫ В МЕКСИКЕ
16.00 HIT CHART
16.30 АРТ-КОКТЕЙЛЬ
17.00 КАНИКУЛЫ В МЕКСИКЕ
18.00 ШОПОГОЛИКИ
19.00 ПРОВЕРКА СЛУХОВ
19.30 ЗВЕЗДЫ НА ЛАДОНИ
20.00 Т/С «КЛУБ»
21.50 ТРЕНДИ
22.10 ТАЧКУ НА ПРОКАЧКУ
22.45 ТАЙН.NET
23.45 WORLD STAGE
00.35 MUSIC
ЦТУ
23.40 «ЗАЧЕТНАЯ НЕДЕЛЯ»
23.55 СТУДИЯ ПРИКЛЮЧЕНИЙ
00.15 «МИНИ-ФУТБОЛ»
00.35 Х/Ф «РИМСКИЕ КАНИКУЛЫ»
03.05 Х/Ф «ДАМАС КАМЕЛИЯМИ»
6.00 Х/Ф «КОРОЛИ И КАПУСТА»
7.30 МУЛЬТФИЛЬМЫ
10.00 Х/Ф «РОККИ БАЛЬБОА»
12.00 УДИВИ МЕНЯ
13.00 ДОКУМ. ФИЛЬМ
14.00 Х/Ф «ВСКРЫТИЕ ИНОПЛАНЕТЯНИНА»
15.45 Х/Ф «ВЛАСТЕЛИН КОЛЕЦ: БРАТСТВО КОЛЬЦА»
19.15 Х/Ф «ПРАКТИЧЕСКАЯ МАГИЯ»
21.15 Х/Ф «ДОЛГИЙ ПОЦЕЛУЙ НА НОЧЬ»
23.45 ДОКУМ. ФИЛЬМ
00.30 Х/Ф «ГРУЗ»
02.45 Х/Ф «ГЕРОЙ МЕСЯЦА»
04.45 Т/С «МЕЧЕНЫЙ»
05.30 МУЛЬТФИЛЬМ
